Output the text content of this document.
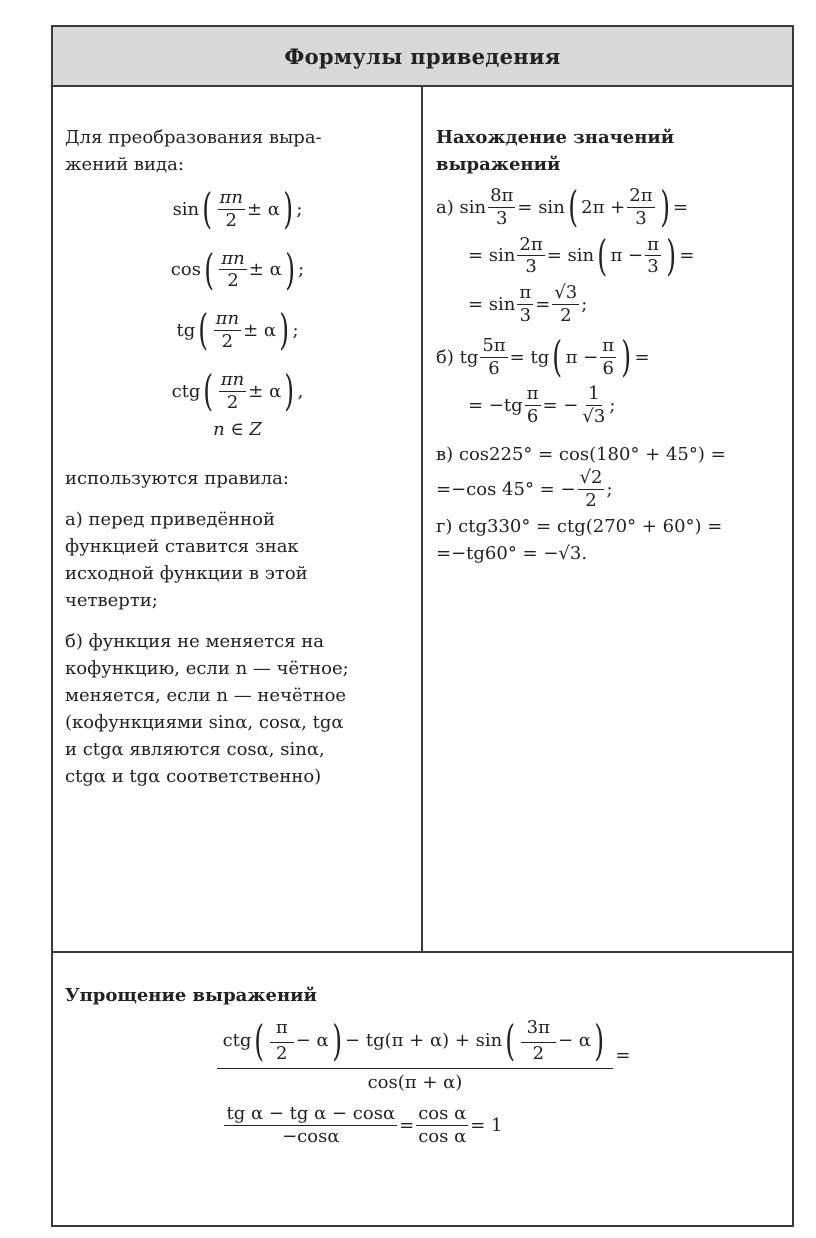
Формулы приведения

Для преобразования выра-

жений вида:

sin ( $\frac{\pi n}{2} \pm \alpha$ ) ;
cos ( $\frac{\pi n}{2} \pm \alpha$ ) ;
tg ( $\frac{\pi n}{2} \pm \alpha$ ) ;
ctg ( $\frac{\pi n}{2} \pm \alpha$ ) ,

n ∈ Z

используются правила:

а) перед приведённой

функцией ставится знак

исходной функции в этой

четверти;

б) функция не меняется на

кофункцию, если n — чётное;

меняется, если n — нечётное

(кофункциями sinα, cosα, tgα

и ctgα являются cosα, sinα,

ctgα и tgα соответственно)

Нахождение значений

выражений

а)
$\sin \frac{8\pi}{3} = \sin$ ( $2\pi + \frac{2\pi}{3}$ ) =
= $\sin \frac{2\pi}{3} = \sin$ ( $\pi - \frac{\pi}{3}$ ) =
= $\sin \frac{\pi}{3} = \frac{√3}{2}$ ;
б)
tg $\frac{5\pi}{6}$ = tg ( $\pi - \frac{\pi}{6}$ ) =
= $-tg \frac{\pi}{6}$ = − $\frac{1}{√3}$ ;

в) cos225° = cos(180° + 45°) =

=−cos 45° = − $\frac{√2}{2}$ ;

г) ctg330° = ctg(270° + 60°) =

=−tg60° = −√3.

Упрощение выражений

ctg ( $\frac{\pi}{2} - \alpha$ ) − tg(π + α) + sin ( $\frac{3\pi}{2} - \alpha$ )
cos(π + α)
=
$\frac{\text{tg α − tg α − cosα}}{-\cos\alpha} = \frac{\text{cos α}}{\text{cos α}} = 1$
